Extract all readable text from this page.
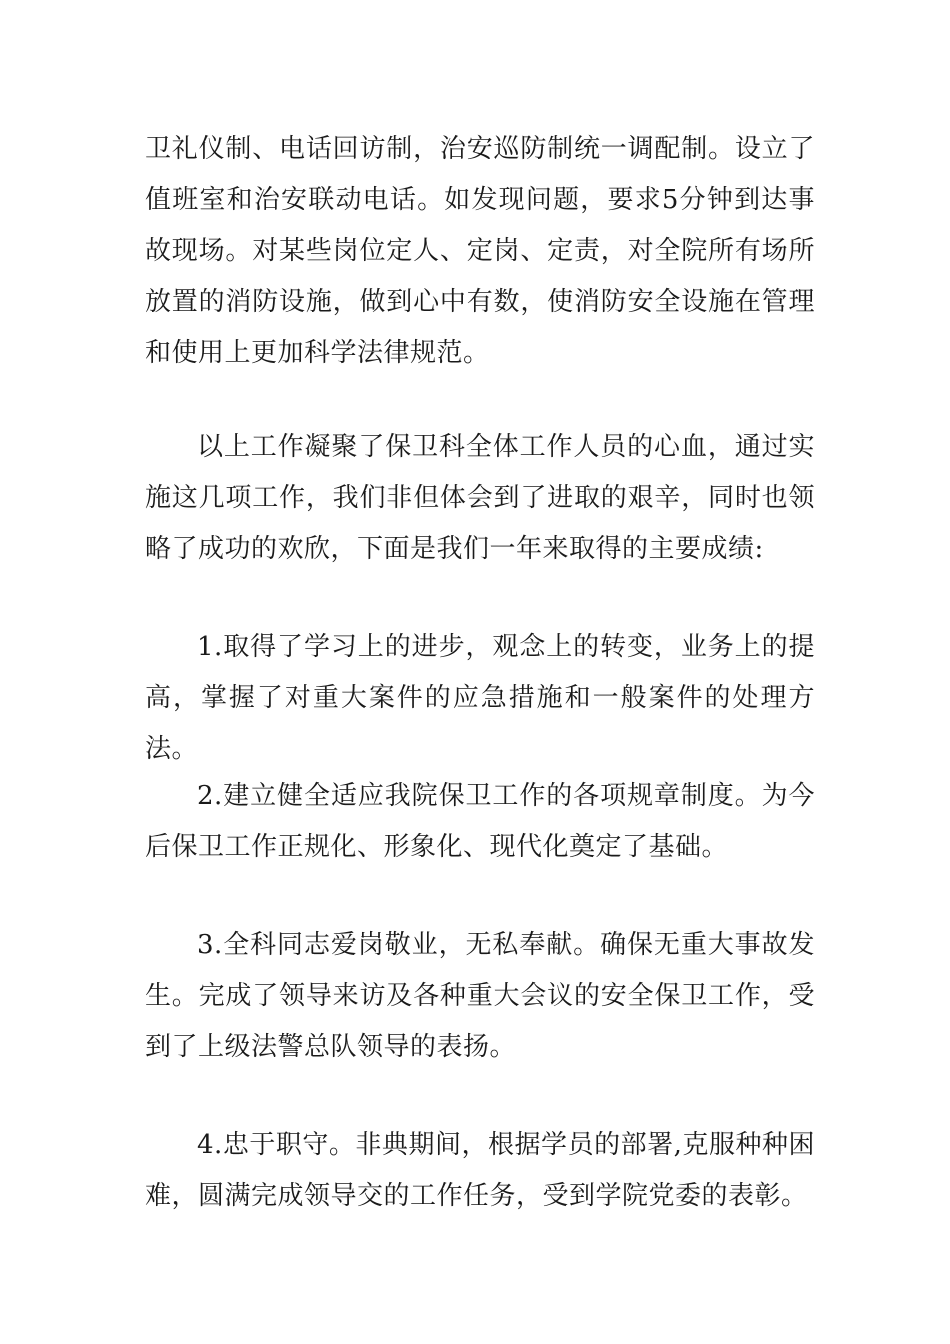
卫礼仪制、电话回访制，治安巡防制统一调配制。设立了值班室和治安联动电话。如发现问题，要求5分钟到达事故现场。对某些岗位定人、定岗、定责，对全院所有场所放置的消防设施，做到心中有数，使消防安全设施在管理和使用上更加科学法律规范。

以上工作凝聚了保卫科全体工作人员的心血，通过实施这几项工作，我们非但体会到了进取的艰辛，同时也领略了成功的欢欣，下面是我们一年来取得的主要成绩:

1.取得了学习上的进步，观念上的转变，业务上的提高，掌握了对重大案件的应急措施和一般案件的处理方法。

2.建立健全适应我院保卫工作的各项规章制度。为今后保卫工作正规化、形象化、现代化奠定了基础。

3.全科同志爱岗敬业，无私奉献。确保无重大事故发生。完成了领导来访及各种重大会议的安全保卫工作，受到了上级法警总队领导的表扬。

4.忠于职守。非典期间，根据学员的部署,克服种种困难，圆满完成领导交的工作任务，受到学院党委的表彰。
